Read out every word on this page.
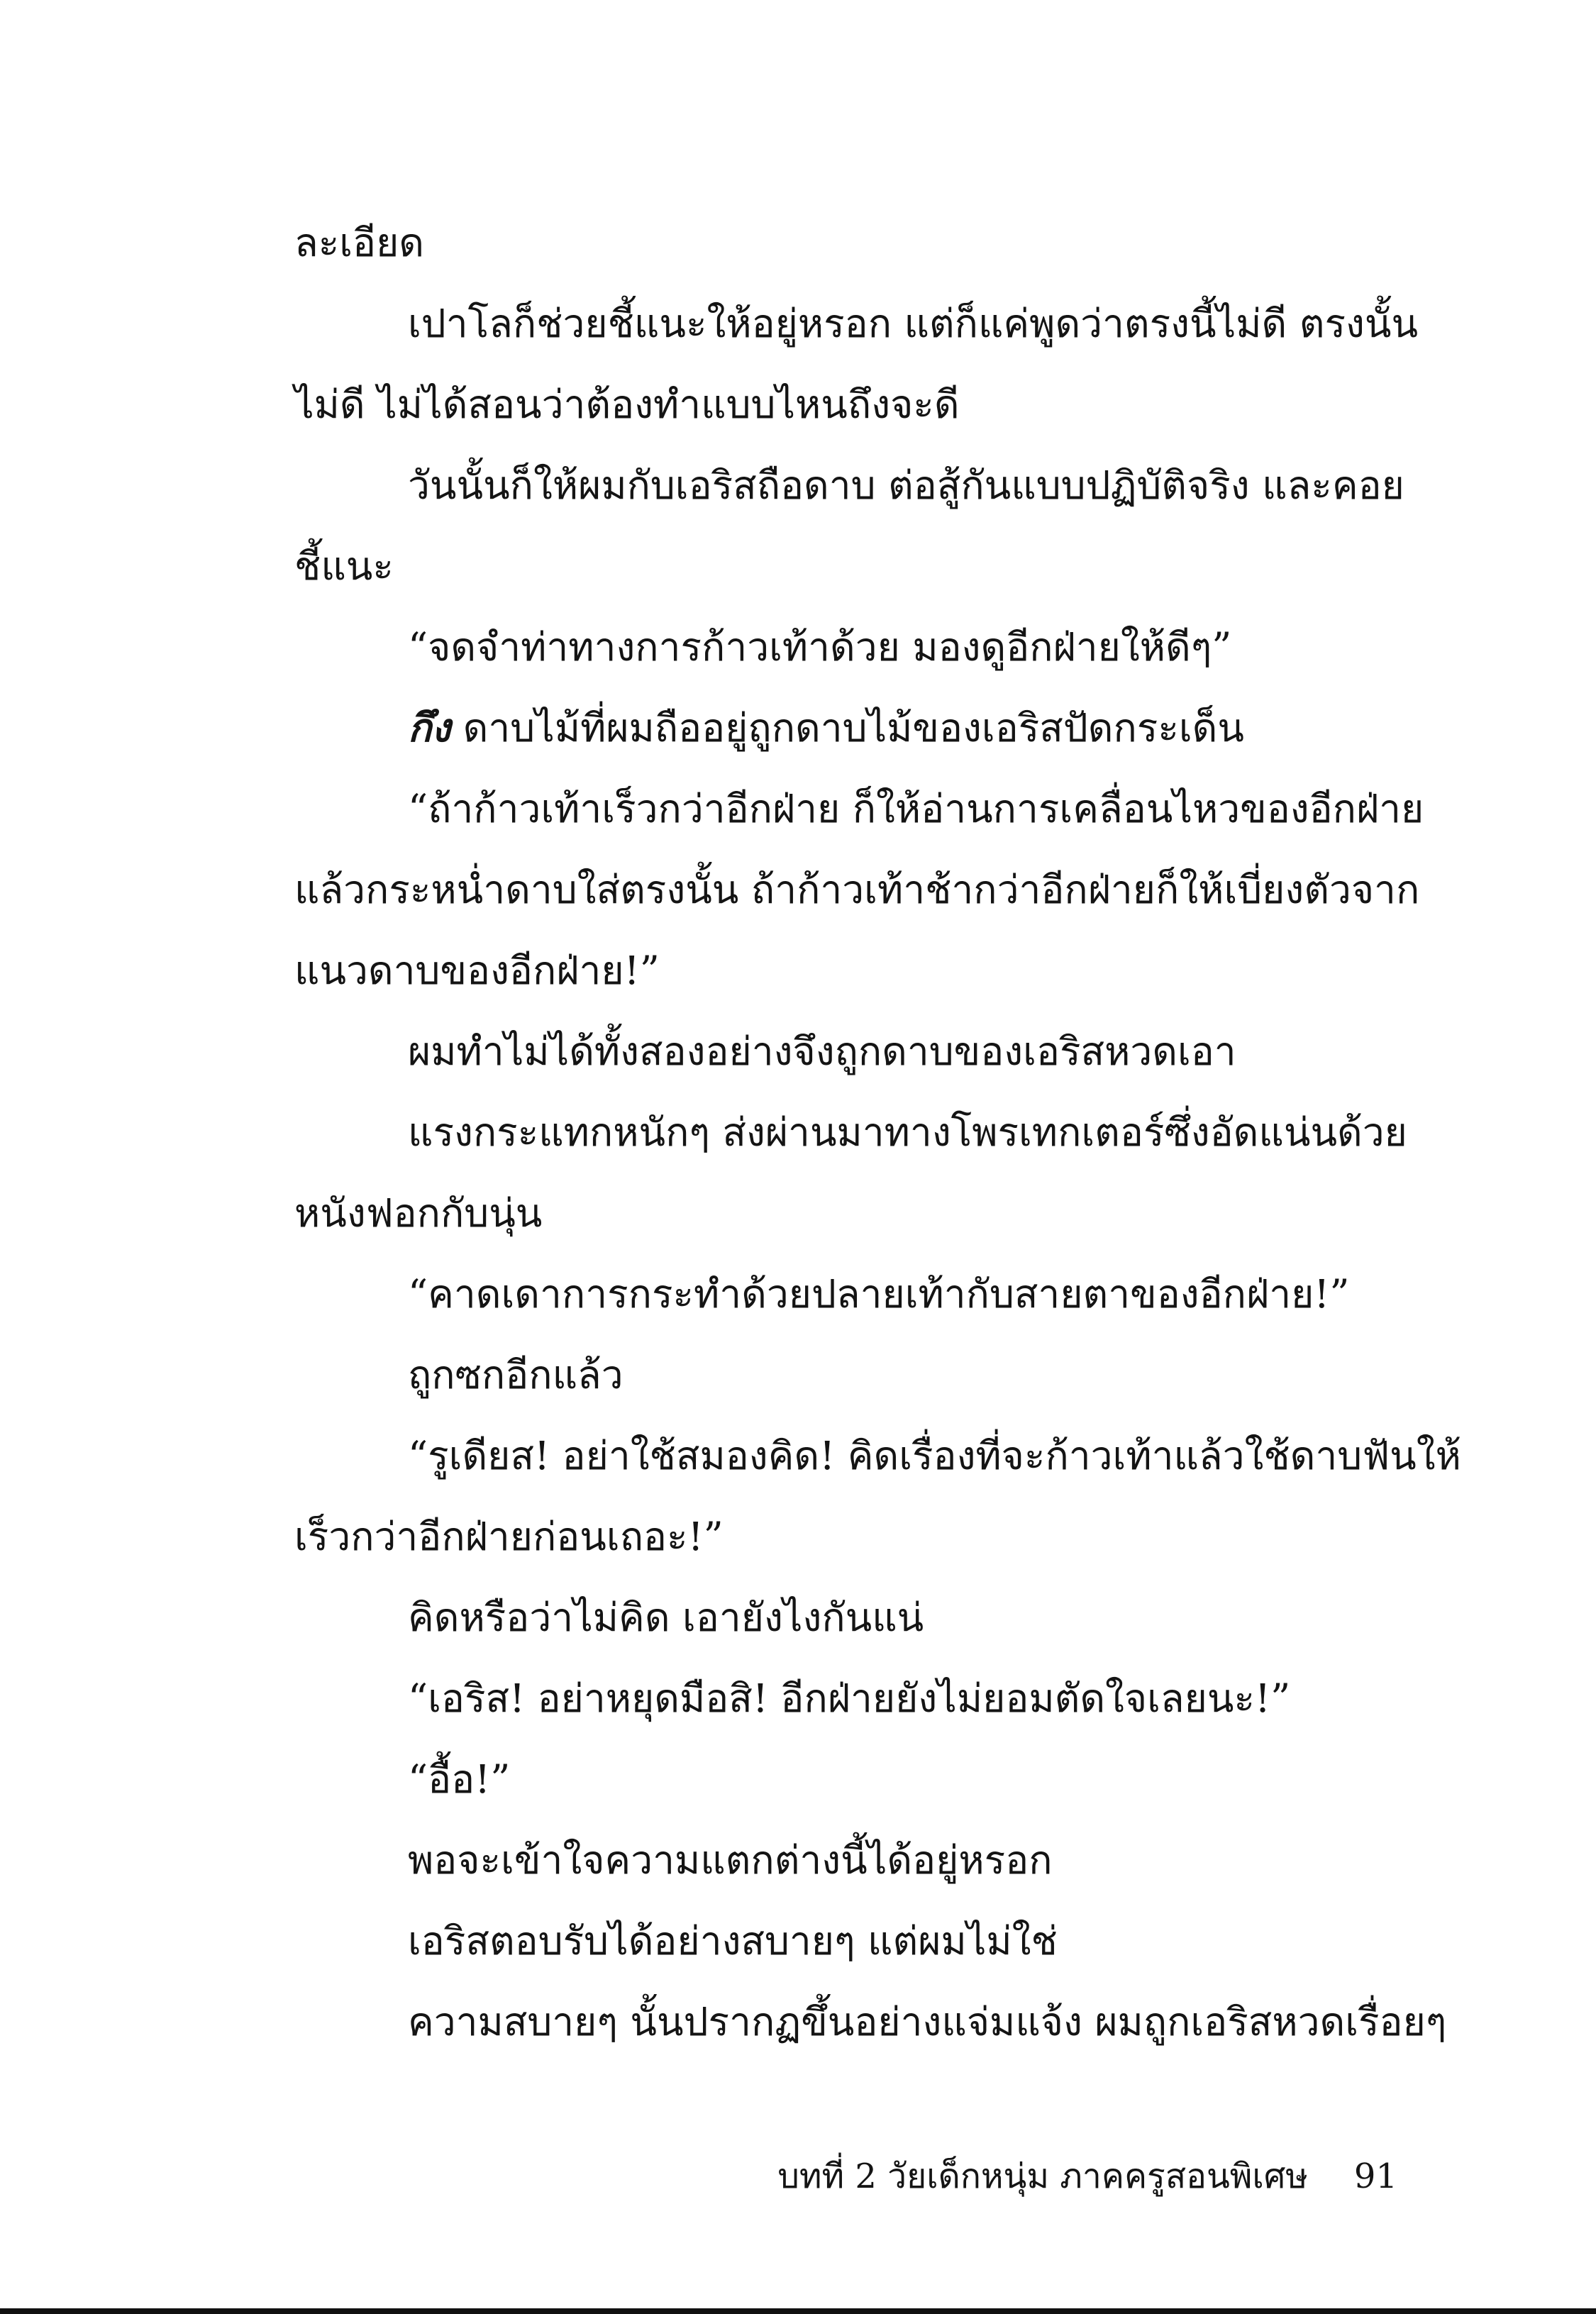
ละเอียด
เปาโลก็ช่วยชี้แนะให้อยู่หรอก แต่ก็แค่พูดว่าตรงนี้ไม่ดี ตรงนั้น
ไม่ดี ไม่ได้สอนว่าต้องทำแบบไหนถึงจะดี
วันนั้นก็ให้ผมกับเอริสถือดาบ ต่อสู้กันแบบปฏิบัติจริง และคอย
ชี้แนะ
“จดจำท่าทางการก้าวเท้าด้วย มองดูอีกฝ่ายให้ดีๆ”
กึง ดาบไม้ที่ผมถืออยู่ถูกดาบไม้ของเอริสปัดกระเด็น
“ถ้าก้าวเท้าเร็วกว่าอีกฝ่าย ก็ให้อ่านการเคลื่อนไหวของอีกฝ่าย
แล้วกระหน่ำดาบใส่ตรงนั้น ถ้าก้าวเท้าช้ากว่าอีกฝ่ายก็ให้เบี่ยงตัวจาก
แนวดาบของอีกฝ่าย!”
ผมทำไม่ได้ทั้งสองอย่างจึงถูกดาบของเอริสหวดเอา
แรงกระแทกหนักๆ ส่งผ่านมาทางโพรเทกเตอร์ซึ่งอัดแน่นด้วย
หนังฟอกกับนุ่น
“คาดเดาการกระทำด้วยปลายเท้ากับสายตาของอีกฝ่าย!”
ถูกซกอีกแล้ว
“รูเดียส! อย่าใช้สมองคิด! คิดเรื่องที่จะก้าวเท้าแล้วใช้ดาบฟันให้
เร็วกว่าอีกฝ่ายก่อนเถอะ!”
คิดหรือว่าไม่คิด เอายังไงกันแน่
“เอริส! อย่าหยุดมือสิ! อีกฝ่ายยังไม่ยอมตัดใจเลยนะ!”
“อื้อ!”
พอจะเข้าใจความแตกต่างนี้ได้อยู่หรอก
เอริสตอบรับได้อย่างสบายๆ แต่ผมไม่ใช่
ความสบายๆ นั้นปรากฏขึ้นอย่างแจ่มแจ้ง ผมถูกเอริสหวดเรื่อยๆ
บทที่ 2 วัยเด็กหนุ่ม ภาคครูสอนพิเศษ 91
